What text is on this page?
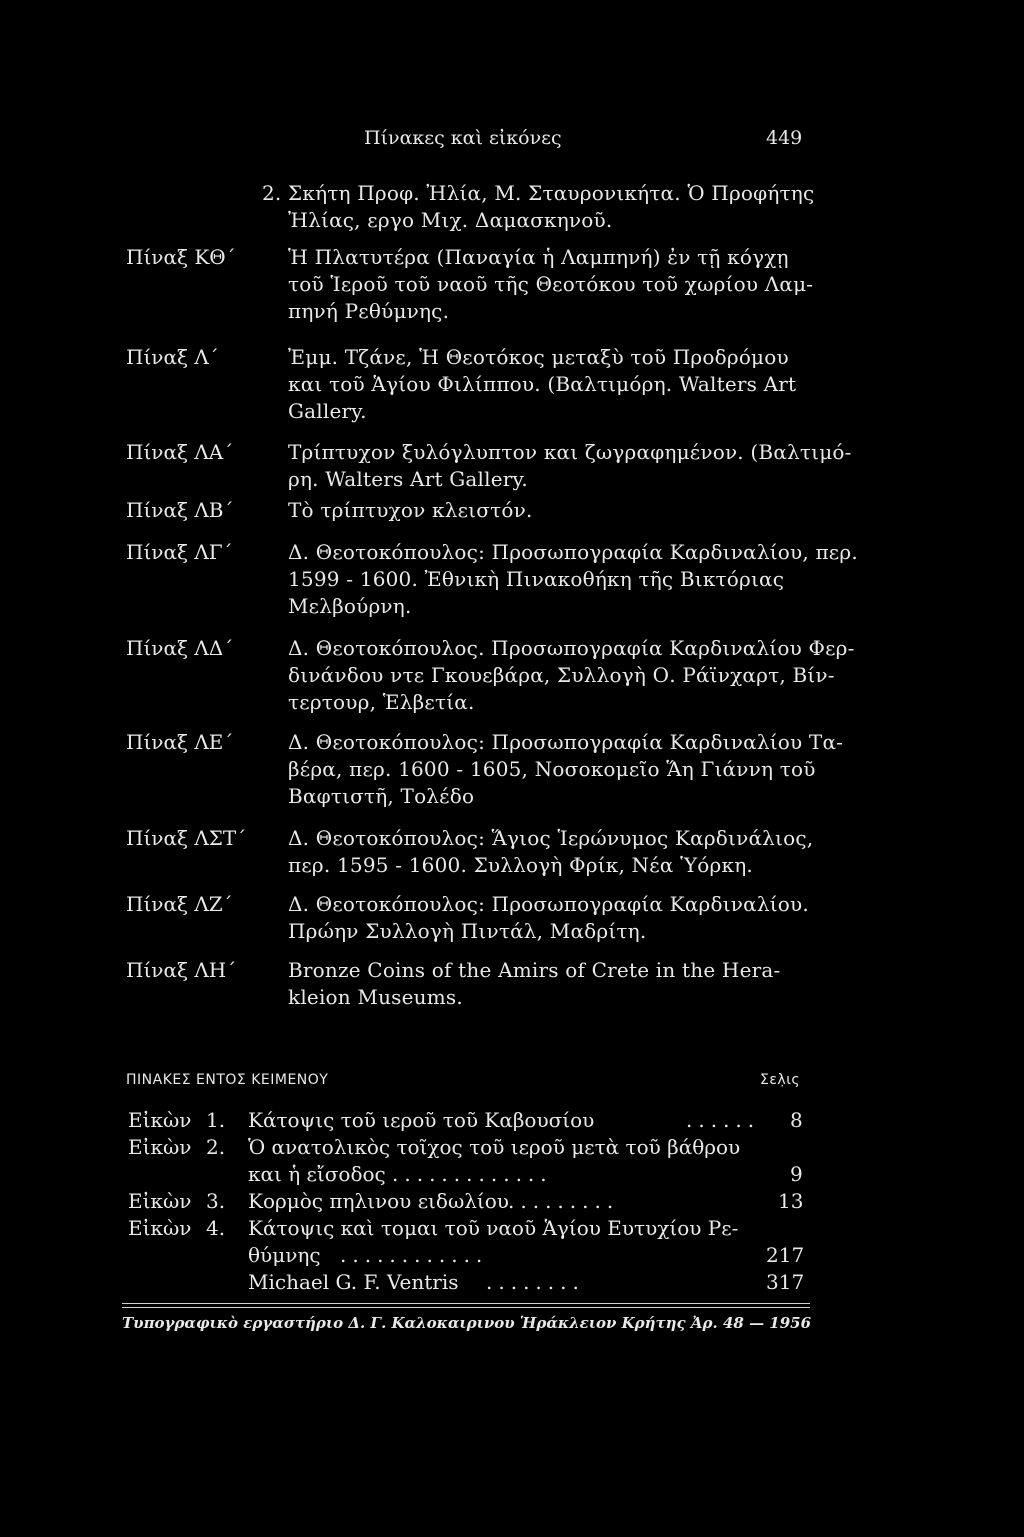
Πίνακες καὶ εἰκόνες	449
2. Σκήτη Προφ. Ἠλία, Μ. Σταυρονικήτα. Ὁ Προφήτης
Ἠλίας, εργο Μιχ. Δαμασκηνοῦ.
Πίναξ ΚΘ΄	Ἡ Πλατυτέρα (Παναγία ἡ Λαμπηνή) ἐν τῇ κόγχῃ
τοῦ Ἱεροῦ τοῦ ναοῦ τῆς Θεοτόκου τοῦ χωρίου Λαμ-
πηνή Ρεθύμνης.
Πίναξ Λ΄	Ἐμμ. Τζάνε, Ἡ Θεοτόκος μεταξὺ τοῦ Προδρόμου
και τοῦ Ἁγίου Φιλίππου. (Βαλτιμόρη. Walters Art
Gallery.
Πίναξ ΛΑ΄	Τρίπτυχον ξυλόγλυπτον και ζωγραφημένον. (Βαλτιμό-
ρη. Walters Art Gallery.
Πίναξ ΛΒ΄	Τὸ τρίπτυχον κλειστόν.
Πίναξ ΛΓ΄	Δ. Θεοτοκόπουλος: Προσωπογραφία Καρδιναλίου, περ.
1599 - 1600. Ἐθνικὴ Πινακοθήκη τῆς Βικτόριας
Μελβούρνη.
Πίναξ ΛΔ΄	Δ. Θεοτοκόπουλος. Προσωπογραφία Καρδιναλίου Φερ-
δινάνδου ντε Γκουεβάρα, Συλλογὴ Ο. Ράϊνχαρτ, Βίν-
τερτουρ, Ἑλβετία.
Πίναξ ΛΕ΄	Δ. Θεοτοκόπουλος: Προσωπογραφία Καρδιναλίου Τα-
βέρα, περ. 1600 - 1605, Νοσοκομεῖο Ἅη Γιάννη τοῦ
Βαφτιστῆ, Τολέδο
Πίναξ ΛΣΤ΄ Δ. Θεοτοκόπουλος: Ἅγιος Ἱερώνυμος Καρδινάλιος,
περ. 1595 - 1600. Συλλογὴ Φρίκ, Νέα Ὑόρκη.
Πίναξ ΛΖ΄	Δ. Θεοτοκόπουλος: Προσωπογραφία Καρδιναλίου.
Πρώην Συλλογὴ Πιντάλ, Μαδρίτη.
Πίναξ ΛΗ΄	Bronze Coins of the Amirs of Crete in the Hera-
kleion Museums.
ΠΙΝΑΚΕΣ ΕΝΤΟΣ ΚΕΙΜΕΝΟΥ	Σελ̣ις
Εἰκὼν 1. Κάτοψις τοῦ ιεροῦ τοῦ Καβουσίου	...... 8
Εἰκὼν 2. Ὁ ανατολικὸς τοῖχος τοῦ ιεροῦ μετὰ τοῦ βάθρου
και ἡ εἴσοδος .............	9
Εἰκὼν 3. Κορμὸς πηλινου ειδωλίου .........	13
Εἰκὼν 4. Κάτοψις καὶ τομαι τοῦ ναοῦ Ἁγίου Ευτυχίου Ρε-
θύμνης ............	217
Michael G. F. Ventris ........	317
Τυπογραφικὸ εργαστήριο Δ. Γ. Καλοκαιρινου Ἡράκλειον Κρήτης Ἀρ. 48 — 1956
